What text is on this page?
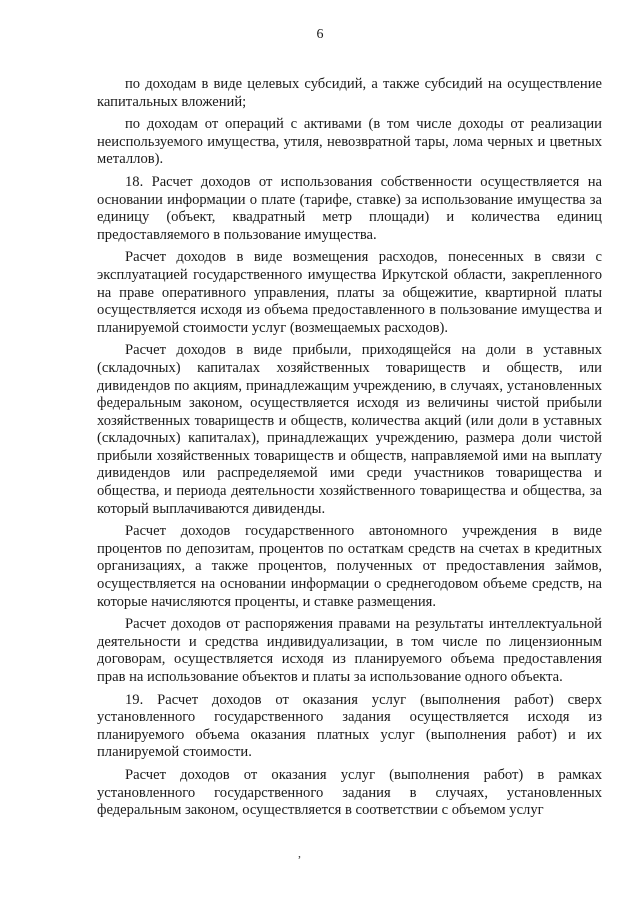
6

по доходам в виде целевых субсидий, а также субсидий на осуществление капитальных вложений;

по доходам от операций с активами (в том числе доходы от реализации неиспользуемого имущества, утиля, невозвратной тары, лома черных и цветных металлов).

18. Расчет доходов от использования собственности осуществляется на основании информации о плате (тарифе, ставке) за использование имущества за единицу (объект, квадратный метр площади) и количества единиц предоставляемого в пользование имущества.

Расчет доходов в виде возмещения расходов, понесенных в связи с эксплуатацией государственного имущества Иркутской области, закрепленного на праве оперативного управления, платы за общежитие, квартирной платы осуществляется исходя из объема предоставленного в пользование имущества и планируемой стоимости услуг (возмещаемых расходов).

Расчет доходов в виде прибыли, приходящейся на доли в уставных (складочных) капиталах хозяйственных товариществ и обществ, или дивидендов по акциям, принадлежащим учреждению, в случаях, установленных федеральным законом, осуществляется исходя из величины чистой прибыли хозяйственных товариществ и обществ, количества акций (или доли в уставных (складочных) капиталах), принадлежащих учреждению, размера доли чистой прибыли хозяйственных товариществ и обществ, направляемой ими на выплату дивидендов или распределяемой ими среди участников товарищества и общества, и периода деятельности хозяйственного товарищества и общества, за который выплачиваются дивиденды.

Расчет доходов государственного автономного учреждения в виде процентов по депозитам, процентов по остаткам средств на счетах в кредитных организациях, а также процентов, полученных от предоставления займов, осуществляется на основании информации о среднегодовом объеме средств, на которые начисляются проценты, и ставке размещения.

Расчет доходов от распоряжения правами на результаты интеллектуальной деятельности и средства индивидуализации, в том числе по лицензионным договорам, осуществляется исходя из планируемого объема предоставления прав на использование объектов и платы за использование одного объекта.

19. Расчет доходов от оказания услуг (выполнения работ) сверх установленного государственного задания осуществляется исходя из планируемого объема оказания платных услуг (выполнения работ) и их планируемой стоимости.

Расчет доходов от оказания услуг (выполнения работ) в рамках установленного государственного задания в случаях, установленных федеральным законом, осуществляется в соответствии с объемом услуг

,
